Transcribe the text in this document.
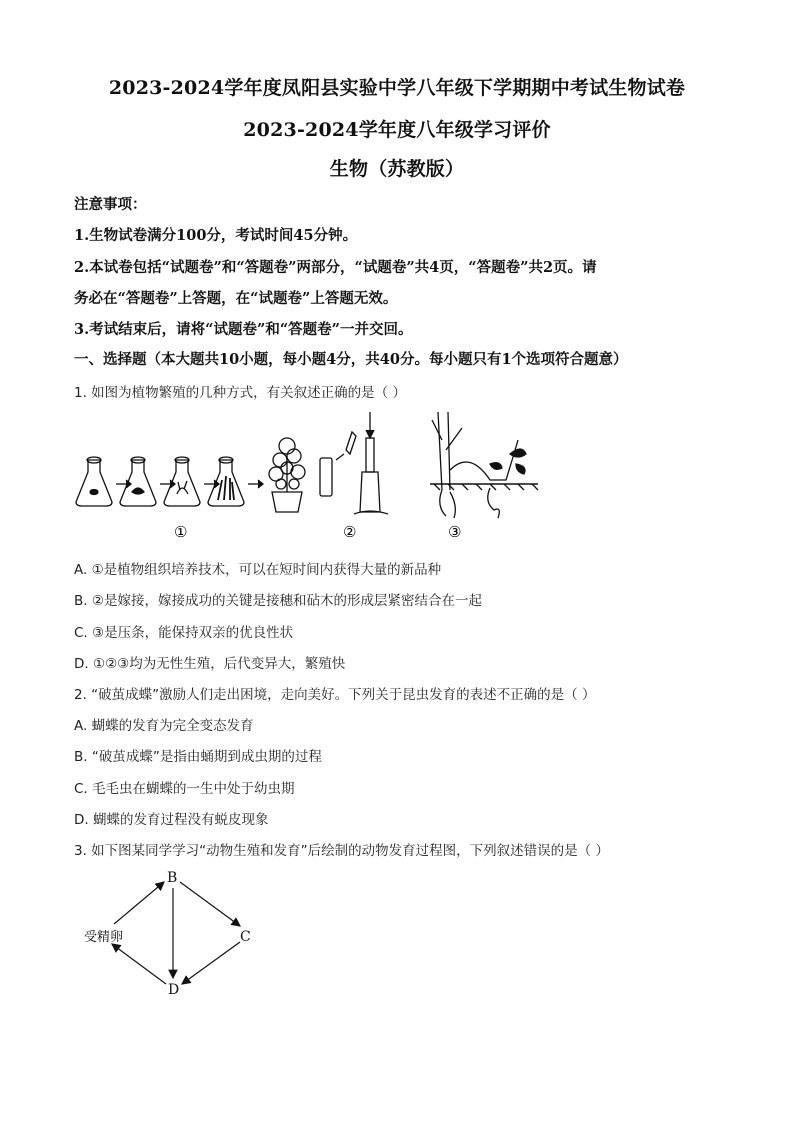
2023-2024学年度凤阳县实验中学八年级下学期期中考试生物试卷
2023-2024学年度八年级学习评价
生物（苏教版）
注意事项：
1.生物试卷满分100分，考试时间45分钟。
2.本试卷包括“试题卷”和“答题卷”两部分，“试题卷”共4页，“答题卷”共2页。请
务必在“答题卷”上答题，在“试题卷”上答题无效。
3.考试结束后，请将“试题卷”和“答题卷”一并交回。
一、选择题（本大题共10小题，每小题4分，共40分。每小题只有1个选项符合题意）
1. 如图为植物繁殖的几种方式，有关叙述正确的是（ ）
①	②	③
A. ①是植物组织培养技术，可以在短时间内获得大量的新品种
B. ②是嫁接，嫁接成功的关键是接穗和砧木的形成层紧密结合在一起
C. ③是压条，能保持双亲的优良性状
D. ①②③均为无性生殖，后代变异大，繁殖快
2. “破茧成蝶”激励人们走出困境，走向美好。下列关于昆虫发育的表述不正确的是（ ）
A. 蝴蝶的发育为完全变态发育
B. “破茧成蝶”是指由蛹期到成虫期的过程
C. 毛毛虫在蝴蝶的一生中处于幼虫期
D. 蝴蝶的发育过程没有蜕皮现象
3. 如下图某同学学习“动物生殖和发育”后绘制的动物发育过程图，下列叙述错误的是（ ）
B
C
D
受精卵
